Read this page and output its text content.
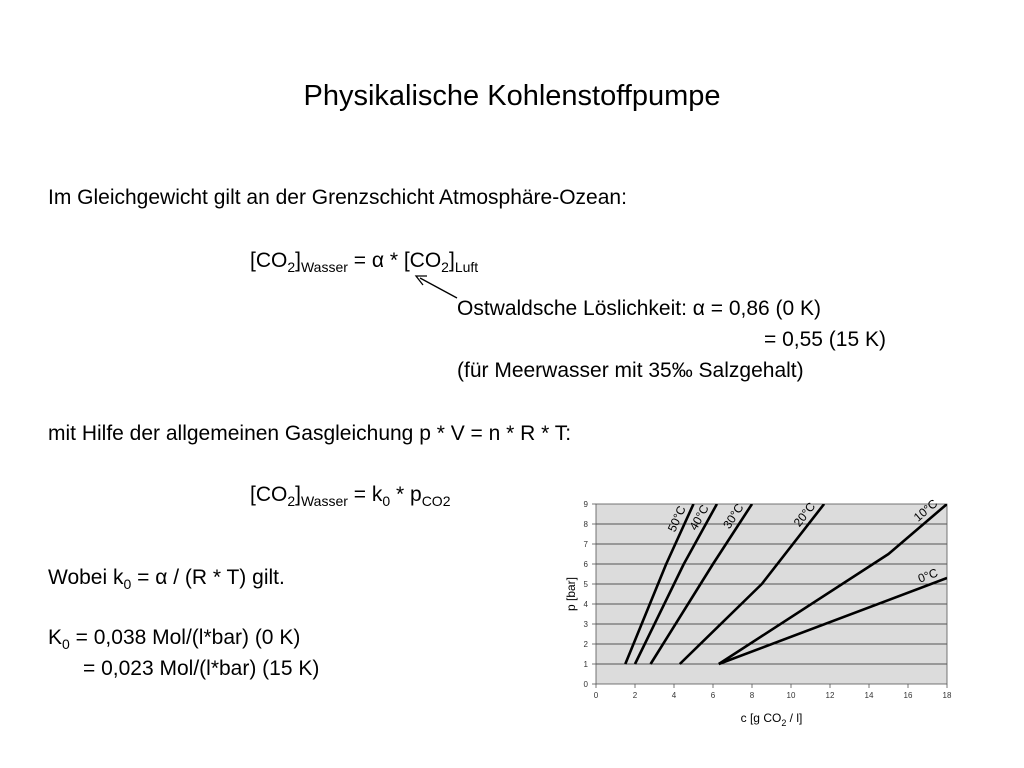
Physikalische Kohlenstoffpumpe
Im Gleichgewicht gilt an der Grenzschicht Atmosphäre-Ozean:
$[CO_2]_{Wasser} = \alpha * [CO_2]_{Luft}$
Ostwaldsche Löslichkeit: α = 0,86 (0 K)
= 0,55 (15 K)
(für Meerwasser mit 35‰ Salzgehalt)
mit Hilfe der allgemeinen Gasgleichung p * V = n * R * T:
$[CO_2]_{Wasser} = k_0 * p_{CO2}$
Wobei $k_0 = \alpha / (R * T)$ gilt.
$K_0 = 0,038$ Mol/(l*bar) (0 K)
= 0,023 Mol/(l*bar) (15 K)
0
1
2
3
4
5
6
7
8
9
0	2	4	6	8	10	12	14	16	18
p [bar]
c [g $CO_2 / l$]
50°C
40°C 30°C	20°C	10°C
0°C
